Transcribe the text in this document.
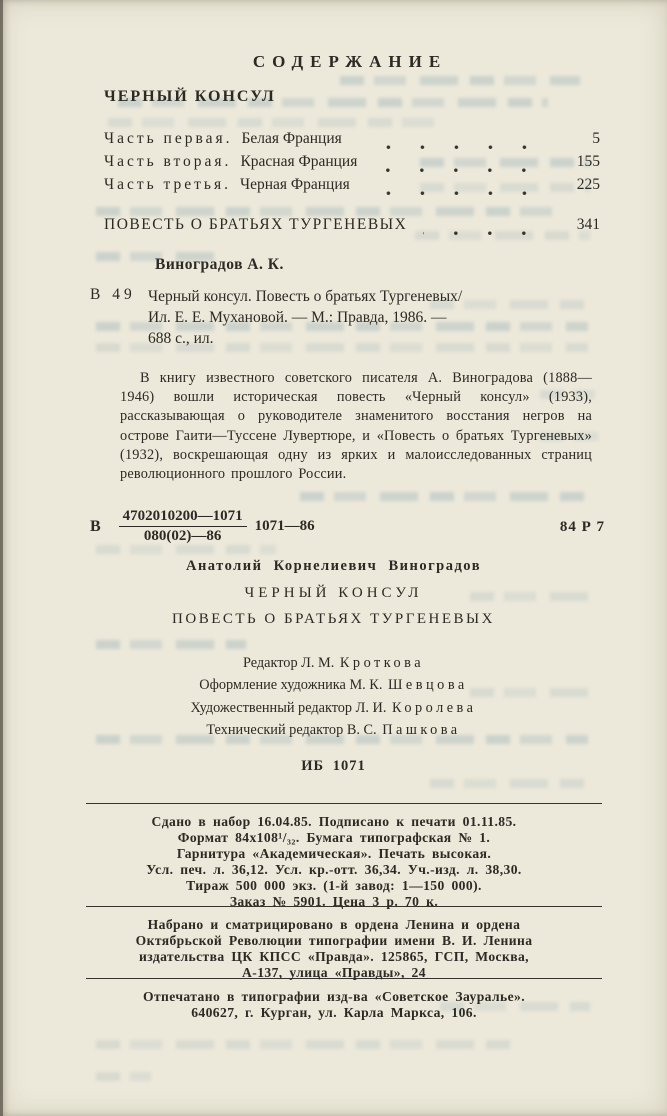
СОДЕРЖАНИЕ
ЧЕРНЫЙ КОНСУЛ
Часть первая. Белая Франция	5
Часть вторая. Красная Франция	155
Часть третья. Черная Франция	225
ПОВЕСТЬ О БРАТЬЯХ ТУРГЕНЕВЫХ	341
Виноградов А. К.
В 49 Черный консул. Повесть о братьях Тургеневых/
Ил. Е. Е. Мухановой. — М.: Правда, 1986. —
688 с., ил.
В книгу известного советского писателя А. Виноградова (1888—1946) вошли историческая повесть «Черный консул» (1933), рассказывающая о руководителе знаменитого восстания негров на острове Гаити—Туссене Лувертюре, и «Повесть о братьях Тургеневых» (1932), воскрешающая одну из ярких и малоисследованных страниц революционного прошлого России.
В $\frac{4702010200—1071}{080(02)—86}$ 1071—86	84 Р 7
Анатолий Корнелиевич Виноградов
ЧЕРНЫЙ КОНСУЛ
ПОВЕСТЬ О БРАТЬЯХ ТУРГЕНЕВЫХ
Редактор Л. М. Кроткова
Оформление художника М. К. Шевцова
Художественный редактор Л. И. Королева
Технический редактор В. С. Пашкова
ИБ 1071
Сдано в набор 16.04.85. Подписано к печати 01.11.85.
Формат 84х108¹/₃₂. Бумага типографская № 1.
Гарнитура «Академическая». Печать высокая.
Усл. печ. л. 36,12. Усл. кр.-отт. 36,34. Уч.-изд. л. 38,30.
Тираж 500 000 экз. (1-й завод: 1—150 000).
Заказ № 5901. Цена 3 р. 70 к.
Набрано и сматрицировано в ордена Ленина и ордена
Октябрьской Революции типографии имени В. И. Ленина
издательства ЦК КПСС «Правда». 125865, ГСП, Москва,
А-137, улица «Правды», 24
Отпечатано в типографии изд-ва «Советское Зауралье».
640627, г. Курган, ул. Карла Маркса, 106.
